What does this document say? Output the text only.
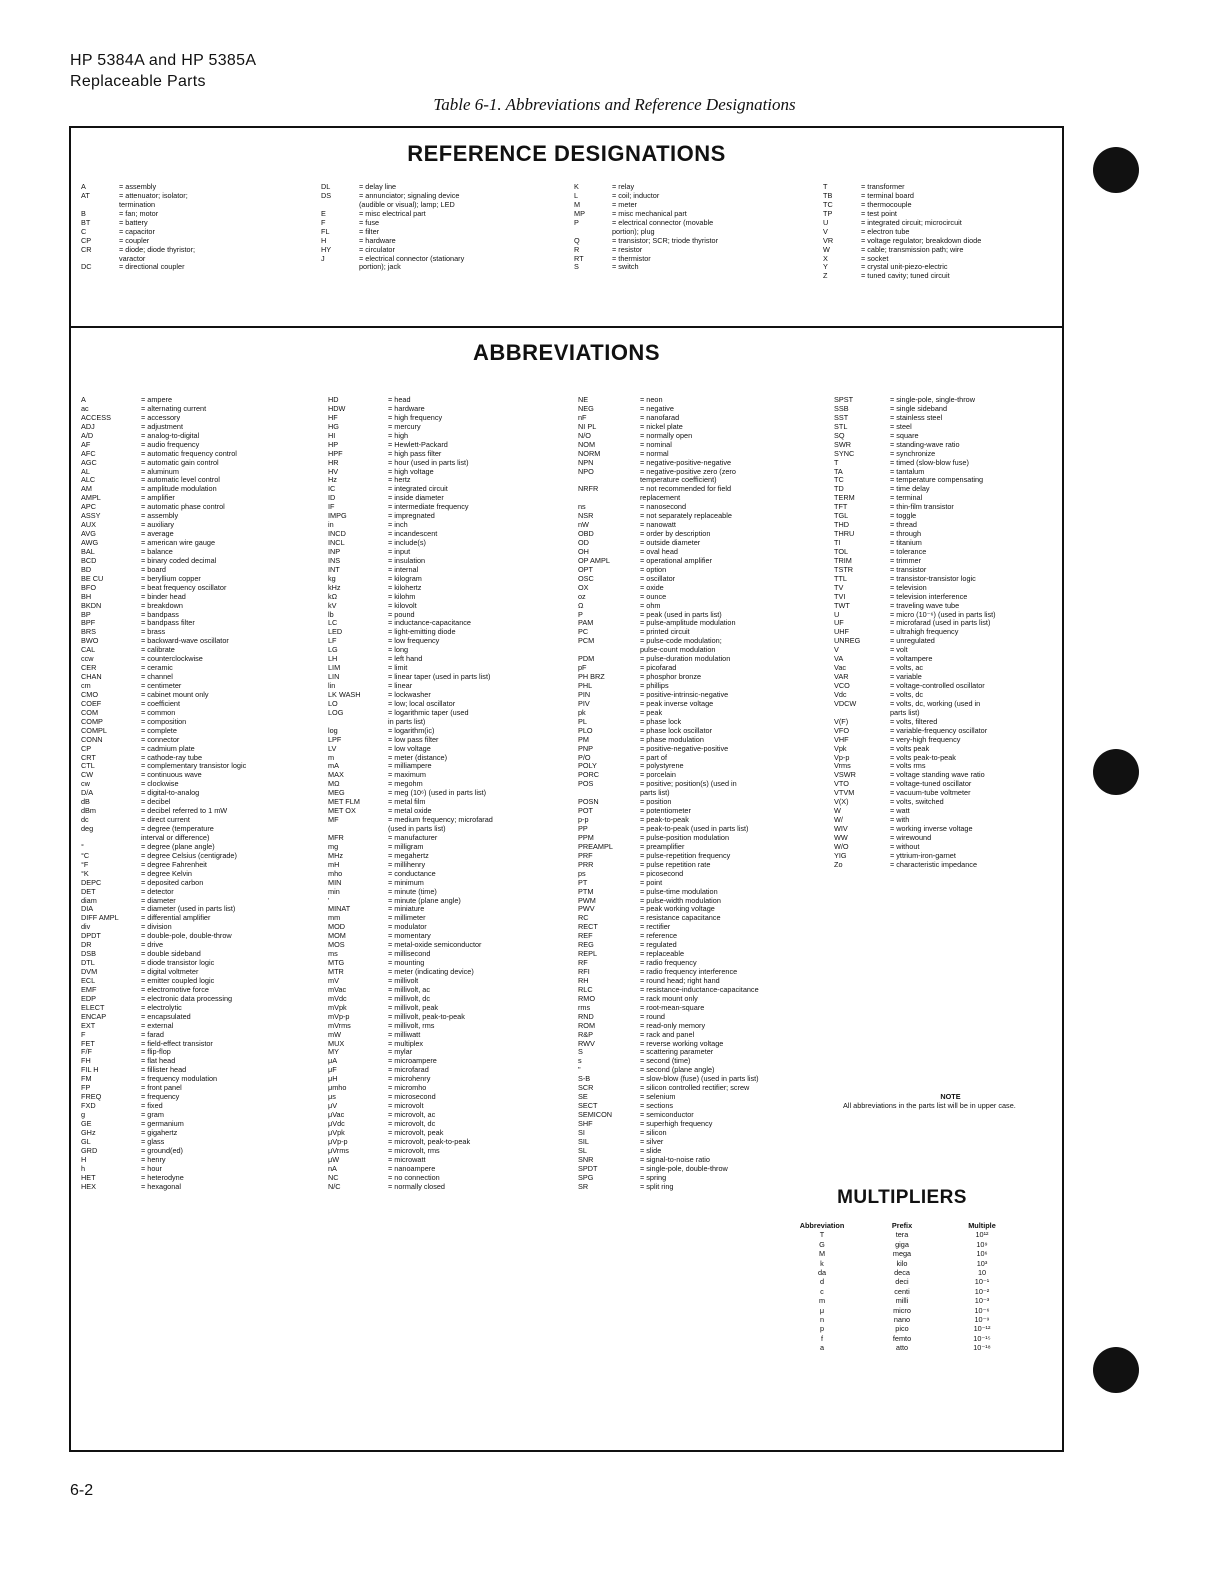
HP 5384A and HP 5385A
Replaceable Parts
Table 6-1. Abbreviations and Reference Designations
REFERENCE DESIGNATIONS
A	= assembly
AT	= attenuator; isolator;
termination
B	= fan; motor
BT	= battery
C	= capacitor
CP	= coupler
CR	= diode; diode thyristor;
varactor
DC	= directional coupler
DL	= delay line
DS	= annunciator; signaling device
(audible or visual); lamp; LED
E	= misc electrical part
F	= fuse
FL	= filter
H	= hardware
HY	= circulator
J	= electrical connector (stationary
portion); jack
K	= relay
L	= coil; inductor
M	= meter
MP	= misc mechanical part
P	= electrical connector (movable
portion); plug
Q	= transistor; SCR; triode thyristor
R	= resistor
RT	= thermistor
S	= switch
T	= transformer
TB	= terminal board
TC	= thermocouple
TP	= test point
U	= integrated circuit; microcircuit
V	= electron tube
VR	= voltage regulator; breakdown diode
W	= cable; transmission path; wire
X	= socket
Y	= crystal unit-piezo-electric
Z	= tuned cavity; tuned circuit
ABBREVIATIONS
A	= ampere
ac	= alternating current
ACCESS	= accessory
ADJ	= adjustment
A/D	= analog-to-digital
AF	= audio frequency
AFC	= automatic frequency control
AGC	= automatic gain control
AL	= aluminum
ALC	= automatic level control
AM	= amplitude modulation
AMPL	= amplifier
APC	= automatic phase control
ASSY	= assembly
AUX	= auxiliary
AVG	= average
AWG	= american wire gauge
BAL	= balance
BCD	= binary coded decimal
BD	= board
BE CU	= beryllium copper
BFO	= beat frequency oscillator
BH	= binder head
BKDN	= breakdown
BP	= bandpass
BPF	= bandpass filter
BRS	= brass
BWO	= backward-wave oscillator
CAL	= calibrate
ccw	= counterclockwise
CER	= ceramic
CHAN	= channel
cm	= centimeter
CMO	= cabinet mount only
COEF	= coefficient
COM	= common
COMP	= composition
COMPL	= complete
CONN	= connector
CP	= cadmium plate
CRT	= cathode-ray tube
CTL	= complementary transistor logic
CW	= continuous wave
cw	= clockwise
D/A	= digital-to-analog
dB	= decibel
dBm	= decibel referred to 1 mW
dc	= direct current
deg	= degree (temperature
interval or difference)
°	= degree (plane angle)
°C	= degree Celsius (centigrade)
°F	= degree Fahrenheit
°K	= degree Kelvin
DEPC	= deposited carbon
DET	= detector
diam	= diameter
DIA	= diameter (used in parts list)
DIFF AMPL	= differential amplifier
div	= division
DPDT	= double-pole, double-throw
DR	= drive
DSB	= double sideband
DTL	= diode transistor logic
DVM	= digital voltmeter
ECL	= emitter coupled logic
EMF	= electromotive force
EDP	= electronic data processing
ELECT	= electrolytic
ENCAP	= encapsulated
EXT	= external
F	= farad
FET	= field-effect transistor
F/F	= flip-flop
FH	= flat head
FIL H	= fillister head
FM	= frequency modulation
FP	= front panel
FREQ	= frequency
FXD	= fixed
g	= gram
GE	= germanium
GHz	= gigahertz
GL	= glass
GRD	= ground(ed)
H	= henry
h	= hour
HET	= heterodyne
HEX	= hexagonal
HD	= head
HDW	= hardware
HF	= high frequency
HG	= mercury
HI	= high
HP	= Hewlett-Packard
HPF	= high pass filter
HR	= hour (used in parts list)
HV	= high voltage
Hz	= hertz
IC	= integrated circuit
ID	= inside diameter
IF	= intermediate frequency
IMPG	= impregnated
in	= inch
INCD	= incandescent
INCL	= include(s)
INP	= input
INS	= insulation
INT	= internal
kg	= kilogram
kHz	= kilohertz
kΩ	= kilohm
kV	= kilovolt
lb	= pound
LC	= inductance-capacitance
LED	= light-emitting diode
LF	= low frequency
LG	= long
LH	= left hand
LIM	= limit
LIN	= linear taper (used in parts list)
lin	= linear
LK WASH	= lockwasher
LO	= low; local oscillator
LOG	= logarithmic taper (used
in parts list)
log	= logarithm(ic)
LPF	= low pass filter
LV	= low voltage
m	= meter (distance)
mA	= milliampere
MAX	= maximum
MΩ	= megohm
MEG	= meg (10⁶) (used in parts list)
MET FLM	= metal film
MET OX	= metal oxide
MF	= medium frequency; microfarad
(used in parts list)
MFR	= manufacturer
mg	= milligram
MHz	= megahertz
mH	= millihenry
mho	= conductance
MIN	= minimum
min	= minute (time)
'	= minute (plane angle)
MINAT	= miniature
mm	= millimeter
MOD	= modulator
MOM	= momentary
MOS	= metal-oxide semiconductor
ms	= millisecond
MTG	= mounting
MTR	= meter (indicating device)
mV	= millivolt
mVac	= millivolt, ac
mVdc	= millivolt, dc
mVpk	= millivolt, peak
mVp-p	= millivolt, peak-to-peak
mVrms	= millivolt, rms
mW	= milliwatt
MUX	= multiplex
MY	= mylar
μA	= microampere
μF	= microfarad
μH	= microhenry
μmho	= micromho
μs	= microsecond
μV	= microvolt
μVac	= microvolt, ac
μVdc	= microvolt, dc
μVpk	= microvolt, peak
μVp-p	= microvolt, peak-to-peak
μVrms	= microvolt, rms
μW	= microwatt
nA	= nanoampere
NC	= no connection
N/C	= normally closed
NE	= neon
NEG	= negative
nF	= nanofarad
NI PL	= nickel plate
N/O	= normally open
NOM	= nominal
NORM	= normal
NPN	= negative-positive-negative
NPO	= negative-positive zero (zero
temperature coefficient)
NRFR	= not recommended for field
replacement
ns	= nanosecond
NSR	= not separately replaceable
nW	= nanowatt
OBD	= order by description
OD	= outside diameter
OH	= oval head
OP AMPL	= operational amplifier
OPT	= option
OSC	= oscillator
OX	= oxide
oz	= ounce
Ω	= ohm
P	= peak (used in parts list)
PAM	= pulse-amplitude modulation
PC	= printed circuit
PCM	= pulse-code modulation;
pulse-count modulation
PDM	= pulse-duration modulation
pF	= picofarad
PH BRZ	= phosphor bronze
PHL	= phillips
PIN	= positive-intrinsic-negative
PIV	= peak inverse voltage
pk	= peak
PL	= phase lock
PLO	= phase lock oscillator
PM	= phase modulation
PNP	= positive-negative-positive
P/O	= part of
POLY	= polystyrene
PORC	= porcelain
POS	= positive; position(s) (used in
parts list)
POSN	= position
POT	= potentiometer
p-p	= peak-to-peak
PP	= peak-to-peak (used in parts list)
PPM	= pulse-position modulation
PREAMPL	= preamplifier
PRF	= pulse-repetition frequency
PRR	= pulse repetition rate
ps	= picosecond
PT	= point
PTM	= pulse-time modulation
PWM	= pulse-width modulation
PWV	= peak working voltage
RC	= resistance capacitance
RECT	= rectifier
REF	= reference
REG	= regulated
REPL	= replaceable
RF	= radio frequency
RFI	= radio frequency interference
RH	= round head; right hand
RLC	= resistance-inductance-capacitance
RMO	= rack mount only
rms	= root-mean-square
RND	= round
ROM	= read-only memory
R&P	= rack and panel
RWV	= reverse working voltage
S	= scattering parameter
s	= second (time)
"	= second (plane angle)
S-B	= slow-blow (fuse) (used in parts list)
SCR	= silicon controlled rectifier; screw
SE	= selenium
SECT	= sections
SEMICON	= semiconductor
SHF	= superhigh frequency
SI	= silicon
SIL	= silver
SL	= slide
SNR	= signal-to-noise ratio
SPDT	= single-pole, double-throw
SPG	= spring
SR	= split ring
SPST	= single-pole, single-throw
SSB	= single sideband
SST	= stainless steel
STL	= steel
SQ	= square
SWR	= standing-wave ratio
SYNC	= synchronize
T	= timed (slow-blow fuse)
TA	= tantalum
TC	= temperature compensating
TD	= time delay
TERM	= terminal
TFT	= thin-film transistor
TGL	= toggle
THD	= thread
THRU	= through
TI	= titanium
TOL	= tolerance
TRIM	= trimmer
TSTR	= transistor
TTL	= transistor-transistor logic
TV	= television
TVI	= television interference
TWT	= traveling wave tube
U	= micro (10⁻⁶) (used in parts list)
UF	= microfarad (used in parts list)
UHF	= ultrahigh frequency
UNREG	= unregulated
V	= volt
VA	= voltampere
Vac	= volts, ac
VAR	= variable
VCO	= voltage-controlled oscillator
Vdc	= volts, dc
VDCW	= volts, dc, working (used in
parts list)
V(F)	= volts, filtered
VFO	= variable-frequency oscillator
VHF	= very-high frequency
Vpk	= volts peak
Vp-p	= volts peak-to-peak
Vrms	= volts rms
VSWR	= voltage standing wave ratio
VTO	= voltage-tuned oscillator
VTVM	= vacuum-tube voltmeter
V(X)	= volts, switched
W	= watt
W/	= with
WIV	= working inverse voltage
WW	= wirewound
W/O	= without
YIG	= yttrium-iron-garnet
Zo	= characteristic impedance
NOTE
All abbreviations in the parts list will be in upper case.
MULTIPLIERS
Abbreviation	Prefix	Multiple
T	tera	10¹²
G	giga	10⁹
M	mega	10⁶
k	kilo	10³
da	deca	10
d	deci	10⁻¹
c	centi	10⁻²
m	milli	10⁻³
μ	micro	10⁻⁶
n	nano	10⁻⁹
p	pico	10⁻¹²
f	femto	10⁻¹⁵
a	atto	10⁻¹⁸
6-2
